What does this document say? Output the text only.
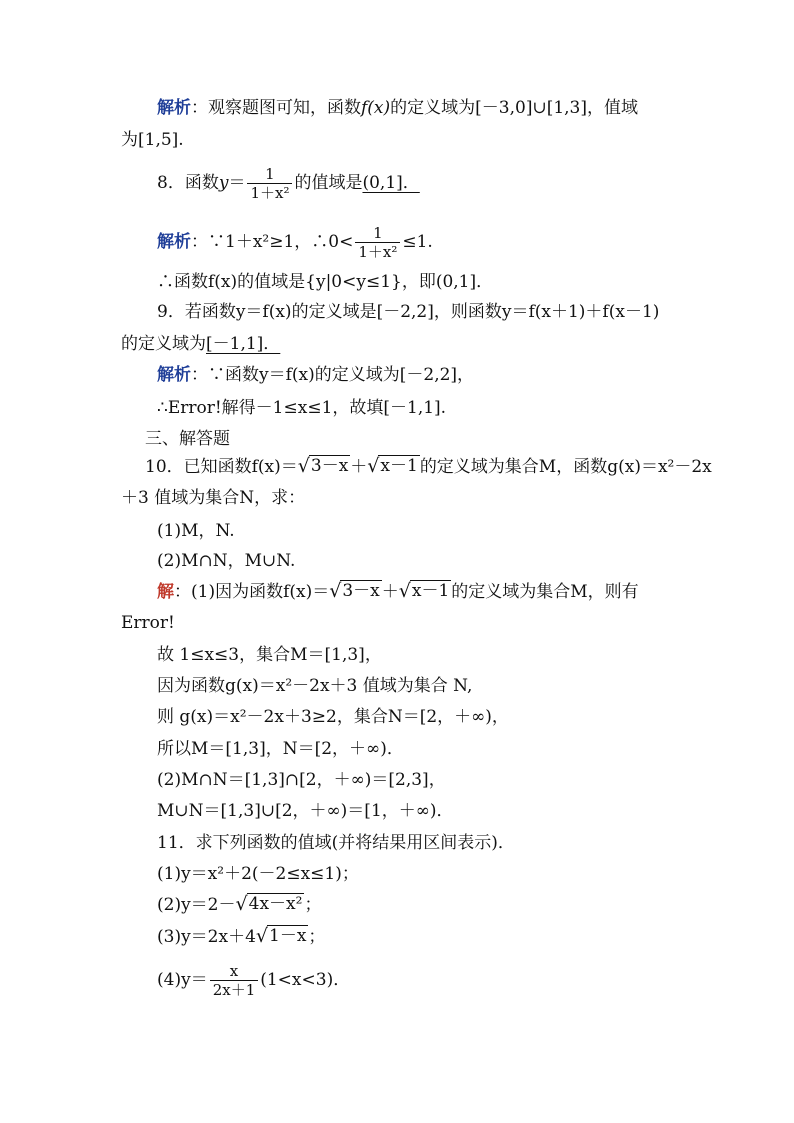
解析：观察题图可知，函数f(x)的定义域为[－3,0]∪[1,3]，值域
为[1,5].
8．函数$y= \frac{1}{\text{1＋x²}}$ 的值域是(0,1]．
解析：∵1＋x²≥1，∴0< $\frac{1}{\text{1＋x²}} \le 1$.
∴函数f(x)的值域是{y|0<y≤1}，即(0,1]．
9．若函数y＝f(x)的定义域是[－2,2]，则函数y＝f(x＋1)＋f(x－1)
的定义域为[－1,1]．
解析：∵函数y＝f(x)的定义域为[－2,2]，
∴Error!解得－1≤x≤1，故填[－1,1].
三、解答题
10．已知函数f(x)＝ √ 3－x ＋ √ x－1 的定义域为集合M，函数g(x)＝x²－2x
＋3 值域为集合N，求：
(1)M，N.
(2)M∩N，M∪N.
解：(1)因为函数f(x)＝ √ 3－x ＋ √ x－1 的定义域为集合M，则有
Error!
故 1≤x≤3，集合M＝[1,3]，
因为函数g(x)＝x²－2x＋3 值域为集合 N,
则 g(x)＝x²－2x＋3≥2，集合N＝[2，＋∞)，
所以M＝[1,3]，N＝[2，＋∞)．
(2)M∩N＝[1,3]∩[2，＋∞)＝[2,3]，
M∪N＝[1,3]∪[2，＋∞)＝[1，＋∞)．
11．求下列函数的值域(并将结果用区间表示)．
(1)y＝x²＋2(－2≤x≤1)；
(2)y＝2－ √ 4x－x² ；
(3)y＝2x＋4 √ 1－x ；
$(4)y= \frac{x}{2x+1} (1<x<3)$．
